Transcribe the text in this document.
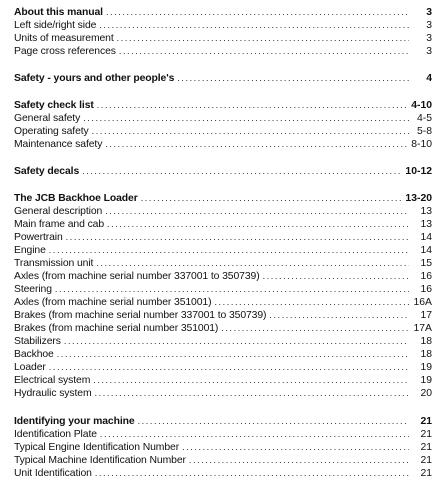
About this manual .....	3
Left side/right side .....	3
Units of measurement .....	3
Page cross references .....	3
Safety - yours and other people's .....	4
Safety check list .....	4-10
General safety .....	4-5
Operating safety .....	5-8
Maintenance safety .....	8-10
Safety decals .....	10-12
The JCB Backhoe Loader .....	13-20
General description .....	13
Main frame and cab .....	13
Powertrain .....	14
Engine .....	14
Transmission unit .....	15
Axles (from machine serial number 337001 to 350739) .....	16
Steering .....	16
Axles (from machine serial number 351001) .....	16A
Brakes (from machine serial number 337001 to 350739) .....	17
Brakes (from machine serial number 351001) .....	17A
Stabilizers .....	18
Backhoe .....	18
Loader .....	19
Electrical system .....	19
Hydraulic system .....	20
Identifying your machine .....	21
Identification Plate .....	21
Typical Engine Identification Number .....	21
Typical Machine Identification Number .....	21
Unit Identification .....	21
